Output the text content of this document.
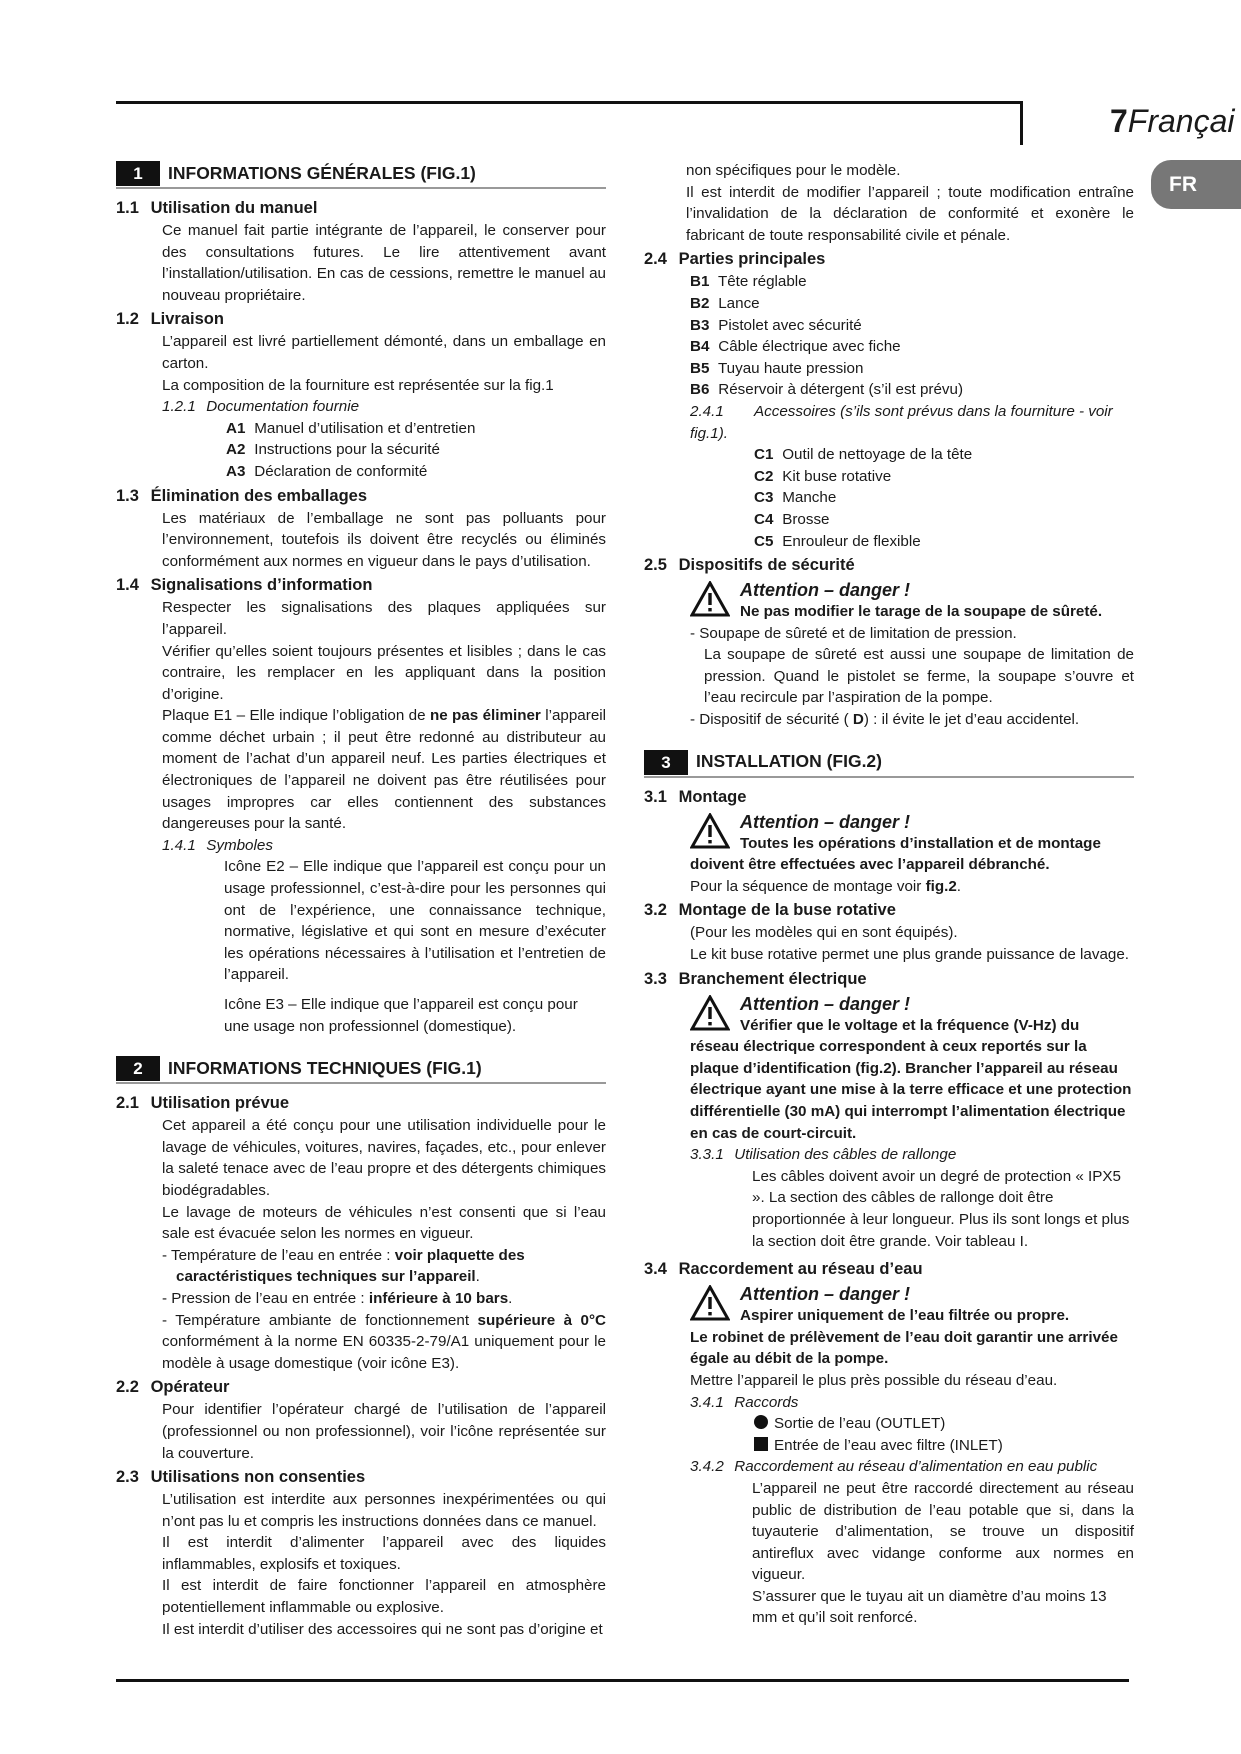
7Françai
FR
1	INFORMATIONS GÉNÉRALES (FIG.1)
1.1 Utilisation du manuel
Ce manuel fait partie intégrante de l’appareil, le conserver pour des consultations futures. Le lire attentivement avant l’installation/utilisation. En cas de cessions, remettre le manuel au nouveau propriétaire.
1.2 Livraison
L’appareil est livré partiellement démonté, dans un emballage en carton.
La composition de la fourniture est représentée sur la fig.1
1.2.1 Documentation fournie
A1 Manuel d’utilisation et d’entretien
A2 Instructions pour la sécurité
A3 Déclaration de conformité
1.3 Élimination des emballages
Les matériaux de l’emballage ne sont pas polluants pour l’environnement, toutefois ils doivent être recyclés ou éliminés conformément aux normes en vigueur dans le pays d’utilisation.
1.4 Signalisations d’information
Respecter les signalisations des plaques appliquées sur l’appareil.
Vérifier qu’elles soient toujours présentes et lisibles ; dans le cas contraire, les remplacer en les appliquant dans la position d’origine.
Plaque E1 – Elle indique l’obligation de ne pas éliminer l’appareil comme déchet urbain ; il peut être redonné au distributeur au moment de l’achat d’un appareil neuf. Les parties électriques et électroniques de l’appareil ne doivent pas être réutilisées pour usages impropres car elles contiennent des substances dangereuses pour la santé.
1.4.1 Symboles
Icône E2 – Elle indique que l’appareil est conçu pour un usage professionnel, c’est-à-dire pour les personnes qui ont de l’expérience, une connaissance technique, normative, législative et qui sont en mesure d’exécuter les opérations nécessaires à l’utilisation et l’entretien de l’appareil.
Icône E3 – Elle indique que l’appareil est conçu pour une usage non professionnel (domestique).
2	INFORMATIONS TECHNIQUES (FIG.1)
2.1 Utilisation prévue
Cet appareil a été conçu pour une utilisation individuelle pour le lavage de véhicules, voitures, navires, façades, etc., pour enlever la saleté tenace avec de l’eau propre et des détergents chimiques biodégradables.
Le lavage de moteurs de véhicules n’est consenti que si l’eau sale est évacuée selon les normes en vigueur.
- Température de l’eau en entrée : voir plaquette des caractéristiques techniques sur l’appareil.
- Pression de l’eau en entrée : inférieure à 10 bars.
- Température ambiante de fonctionnement supérieure à 0°C conformément à la norme EN 60335-2-79/A1 uniquement pour le modèle à usage domestique (voir icône E3).
2.2 Opérateur
Pour identifier l’opérateur chargé de l’utilisation de l’appareil (professionnel ou non professionnel), voir l’icône représentée sur la couverture.
2.3 Utilisations non consenties
L’utilisation est interdite aux personnes inexpérimentées ou qui n’ont pas lu et compris les instructions données dans ce manuel.
Il est interdit d’alimenter l’appareil avec des liquides inflammables, explosifs et toxiques.
Il est interdit de faire fonctionner l’appareil en atmosphère potentiellement inflammable ou explosive.
Il est interdit d’utiliser des accessoires qui ne sont pas d’origine et
non spécifiques pour le modèle.
Il est interdit de modifier l’appareil ; toute modification entraîne l’invalidation de la déclaration de conformité et exonère le fabricant de toute responsabilité civile et pénale.
2.4 Parties principales
B1 Tête réglable
B2 Lance
B3 Pistolet avec sécurité
B4 Câble électrique avec fiche
B5 Tuyau haute pression
B6 Réservoir à détergent (s’il est prévu)
2.4.1 Accessoires (s’ils sont prévus dans la fourniture - voir fig.1).
C1 Outil de nettoyage de la tête
C2 Kit buse rotative
C3 Manche
C4 Brosse
C5 Enrouleur de flexible
2.5 Dispositifs de sécurité
Attention – danger !
Ne pas modifier le tarage de la soupape de sûreté.
- Soupape de sûreté et de limitation de pression.
La soupape de sûreté est aussi une soupape de limitation de pression. Quand le pistolet se ferme, la soupape s’ouvre et l’eau recircule par l’aspiration de la pompe.
- Dispositif de sécurité ( D) : il évite le jet d’eau accidentel.
3	INSTALLATION (FIG.2)
3.1 Montage
Attention – danger !
Toutes les opérations d’installation et de montage
doivent être effectuées avec l’appareil débranché.
Pour la séquence de montage voir fig.2.
3.2 Montage de la buse rotative
(Pour les modèles qui en sont équipés).
Le kit buse rotative permet une plus grande puissance de lavage.
3.3 Branchement électrique
Attention – danger !
Vérifier que le voltage et la fréquence (V-Hz) du
réseau électrique correspondent à ceux reportés sur la plaque d’identification (fig.2). Brancher l’appareil au réseau électrique ayant une mise à la terre efficace et une protection différentielle (30 mA) qui interrompt l’alimentation électrique en cas de court-circuit.
3.3.1 Utilisation des câbles de rallonge
Les câbles doivent avoir un degré de protection « IPX5 ». La section des câbles de rallonge doit être proportionnée à leur longueur. Plus ils sont longs et plus la section doit être grande. Voir tableau I.
3.4 Raccordement au réseau d’eau
Attention – danger !
Aspirer uniquement de l’eau filtrée ou propre.
Le robinet de prélèvement de l’eau doit garantir une arrivée égale au débit de la pompe.
Mettre l’appareil le plus près possible du réseau d’eau.
3.4.1 Raccords
Sortie de l’eau (OUTLET)
Entrée de l’eau avec filtre (INLET)
3.4.2 Raccordement au réseau d’alimentation en eau public
L’appareil ne peut être raccordé directement au réseau public de distribution de l’eau potable que si, dans la tuyauterie d’alimentation, se trouve un dispositif antireflux avec vidange conforme aux normes en vigueur.
S’assurer que le tuyau ait un diamètre d’au moins 13 mm et qu’il soit renforcé.
